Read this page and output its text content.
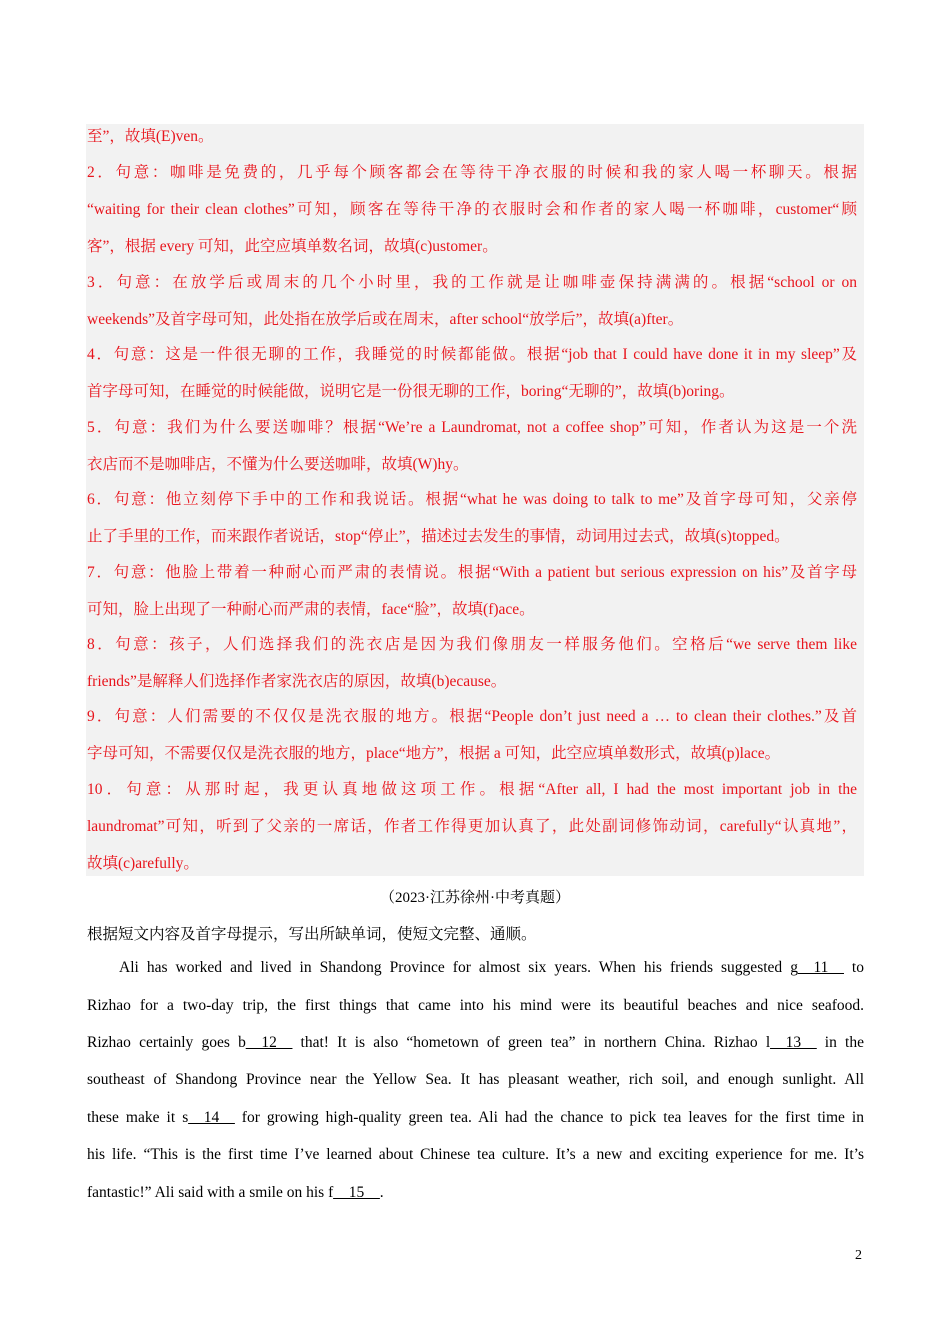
至”，故填(E)ven。
2．句意：咖啡是免费的，几乎每个顾客都会在等待干净衣服的时候和我的家人喝一杯聊天。根据
“waiting for their clean clothes”可知，顾客在等待干净的衣服时会和作者的家人喝一杯咖啡，customer“顾
客”，根据 every 可知，此空应填单数名词，故填(c)ustomer。
3．句意：在放学后或周末的几个小时里，我的工作就是让咖啡壶保持满满的。根据“school or on
weekends”及首字母可知，此处指在放学后或在周末，after school“放学后”，故填(a)fter。
4．句意：这是一件很无聊的工作，我睡觉的时候都能做。根据“job that I could have done it in my sleep”及
首字母可知，在睡觉的时候能做，说明它是一份很无聊的工作，boring“无聊的”，故填(b)oring。
5．句意：我们为什么要送咖啡？根据“We’re a Laundromat, not a coffee shop”可知，作者认为这是一个洗
衣店而不是咖啡店，不懂为什么要送咖啡，故填(W)hy。
6．句意：他立刻停下手中的工作和我说话。根据“what he was doing to talk to me”及首字母可知，父亲停
止了手里的工作，而来跟作者说话，stop“停止”，描述过去发生的事情，动词用过去式，故填(s)topped。
7．句意：他脸上带着一种耐心而严肃的表情说。根据“With a patient but serious expression on his”及首字母
可知，脸上出现了一种耐心而严肃的表情，face“脸”，故填(f)ace。
8．句意：孩子，人们选择我们的洗衣店是因为我们像朋友一样服务他们。空格后“we serve them like
friends”是解释人们选择作者家洗衣店的原因，故填(b)ecause。
9．句意：人们需要的不仅仅是洗衣服的地方。根据“People don’t just need a … to clean their clothes.”及首
字母可知，不需要仅仅是洗衣服的地方，place“地方”，根据 a 可知，此空应填单数形式，故填(p)lace。
10．句意：从那时起，我更认真地做这项工作。根据“After all, I had the most important job in the
laundromat”可知，听到了父亲的一席话，作者工作得更加认真了，此处副词修饰动词，carefully“认真地”，
故填(c)arefully。
（2023·江苏徐州·中考真题）
根据短文内容及首字母提示，写出所缺单词，使短文完整、通顺。
Ali has worked and lived in Shandong Province for almost six years. When his friends suggested g__11__ to
Rizhao for a two-day trip, the first things that came into his mind were its beautiful beaches and nice seafood.
Rizhao certainly goes b__12__ that! It is also “hometown of green tea” in northern China. Rizhao l__13__ in the
southeast of Shandong Province near the Yellow Sea. It has pleasant weather, rich soil, and enough sunlight. All
these make it s__14__ for growing high-quality green tea. Ali had the chance to pick tea leaves for the first time in
his life. “This is the first time I’ve learned about Chinese tea culture. It’s a new and exciting experience for me. It’s
fantastic!” Ali said with a smile on his f__15__.
2
